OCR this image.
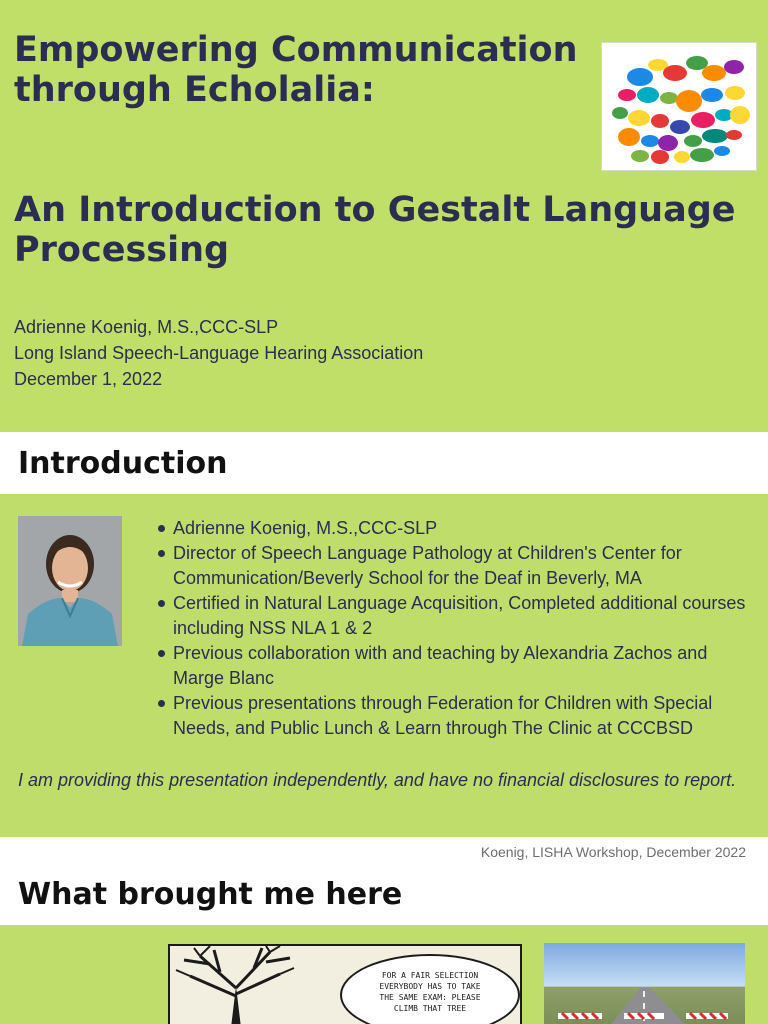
Empowering Communication
through Echolalia:
An Introduction to Gestalt Language
Processing
Adrienne Koenig, M.S.,CCC-SLP
Long Island Speech-Language Hearing Association
December 1, 2022
Introduction
Adrienne Koenig, M.S.,CCC-SLP
Director of Speech Language Pathology at Children's Center for Communication/Beverly School for the Deaf in Beverly, MA
Certified in Natural Language Acquisition, Completed additional courses including NSS NLA 1 & 2
Previous collaboration with and teaching by Alexandria Zachos and Marge Blanc
Previous presentations through Federation for Children with Special Needs, and Public Lunch & Learn through The Clinic at CCCBSD

I am providing this presentation independently, and have no financial disclosures to report.

Koenig, LISHA Workshop, December 2022
What brought me here
FOR A FAIR SELECTION
EVERYBODY HAS TO TAKE
THE SAME EXAM: PLEASE
CLIMB THAT TREE
